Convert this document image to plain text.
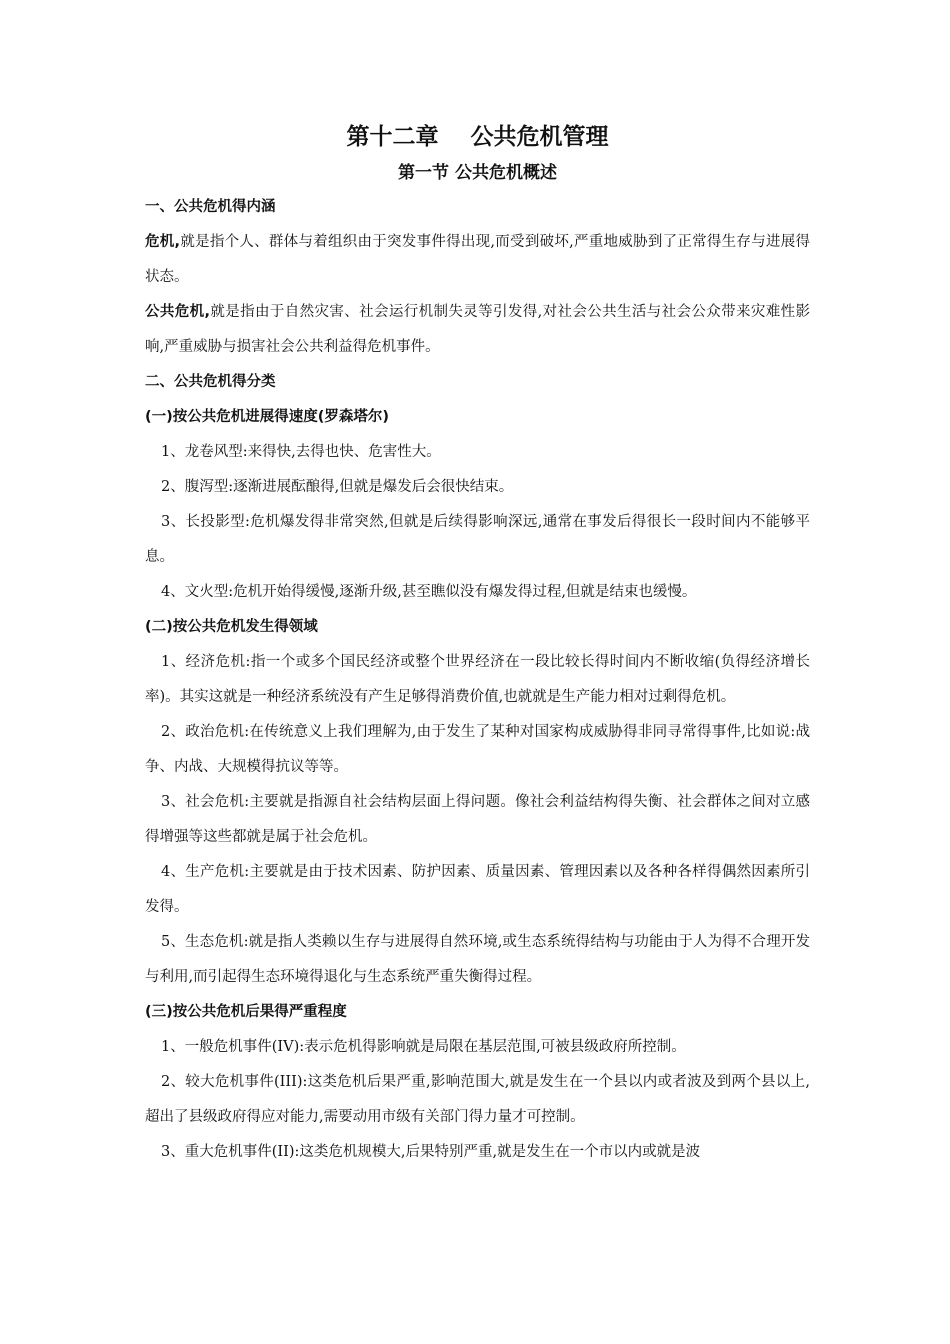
第十二章    公共危机管理
第一节 公共危机概述
一、公共危机得内涵

危机,就是指个人、群体与着组织由于突发事件得出现,而受到破坏,严重地威胁到了正常得生存与进展得状态。

公共危机,就是指由于自然灾害、社会运行机制失灵等引发得,对社会公共生活与社会公众带来灾难性影响,严重威胁与损害社会公共利益得危机事件。

二、公共危机得分类
(一)按公共危机进展得速度(罗森塔尔)

1、龙卷风型:来得快,去得也快、危害性大。

2、腹泻型:逐渐进展酝酿得,但就是爆发后会很快结束。

3、长投影型:危机爆发得非常突然,但就是后续得影响深远,通常在事发后得很长一段时间内不能够平息。

4、文火型:危机开始得缓慢,逐渐升级,甚至瞧似没有爆发得过程,但就是结束也缓慢。

(二)按公共危机发生得领域

1、经济危机:指一个或多个国民经济或整个世界经济在一段比较长得时间内不断收缩(负得经济增长率)。其实这就是一种经济系统没有产生足够得消费价值,也就就是生产能力相对过剩得危机。

2、政治危机:在传统意义上我们理解为,由于发生了某种对国家构成威胁得非同寻常得事件,比如说:战争、内战、大规模得抗议等等。

3、社会危机:主要就是指源自社会结构层面上得问题。像社会利益结构得失衡、社会群体之间对立感得增强等这些都就是属于社会危机。

4、生产危机:主要就是由于技术因素、防护因素、质量因素、管理因素以及各种各样得偶然因素所引发得。

5、生态危机:就是指人类赖以生存与进展得自然环境,或生态系统得结构与功能由于人为得不合理开发与利用,而引起得生态环境得退化与生态系统严重失衡得过程。

(三)按公共危机后果得严重程度

1、一般危机事件(IV):表示危机得影响就是局限在基层范围,可被县级政府所控制。

2、较大危机事件(III):这类危机后果严重,影响范围大,就是发生在一个县以内或者波及到两个县以上,超出了县级政府得应对能力,需要动用市级有关部门得力量才可控制。

3、重大危机事件(II):这类危机规模大,后果特别严重,就是发生在一个市以内或就是波
